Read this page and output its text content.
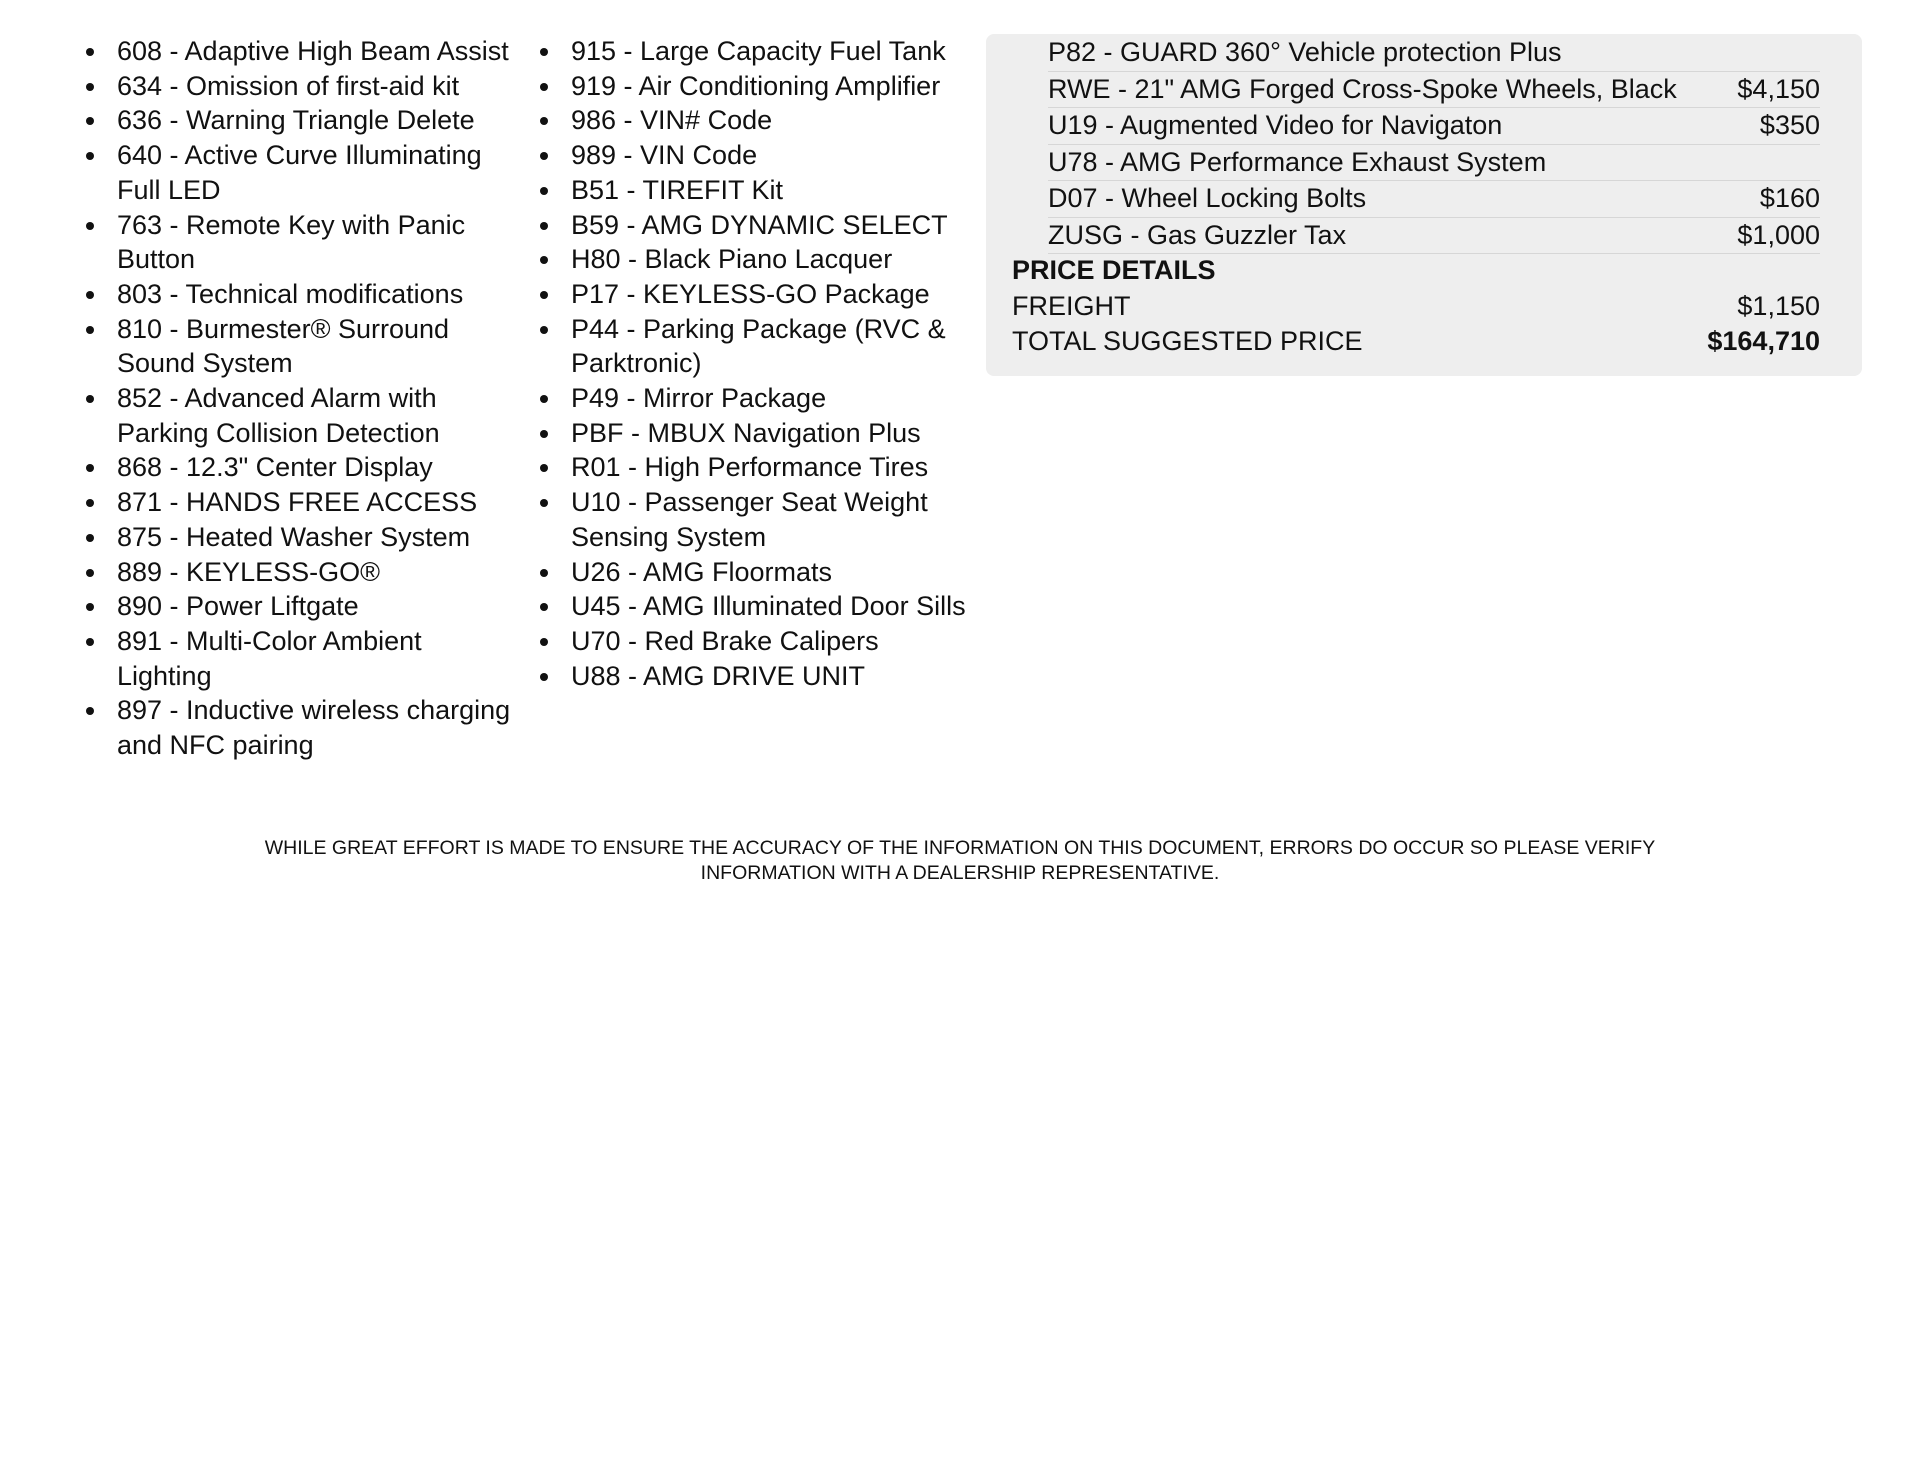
608 - Adaptive High Beam Assist
634 - Omission of first-aid kit
636 - Warning Triangle Delete
640 - Active Curve Illuminating Full LED
763 - Remote Key with Panic Button
803 - Technical modifications
810 - Burmester® Surround Sound System
852 - Advanced Alarm with Parking Collision Detection
868 - 12.3" Center Display
871 - HANDS FREE ACCESS
875 - Heated Washer System
889 - KEYLESS-GO®
890 - Power Liftgate
891 - Multi-Color Ambient Lighting
897 - Inductive wireless charging and NFC pairing
915 - Large Capacity Fuel Tank
919 - Air Conditioning Amplifier
986 - VIN# Code
989 - VIN Code
B51 - TIREFIT Kit
B59 - AMG DYNAMIC SELECT
H80 - Black Piano Lacquer
P17 - KEYLESS-GO Package
P44 - Parking Package (RVC & Parktronic)
P49 - Mirror Package
PBF - MBUX Navigation Plus
R01 - High Performance Tires
U10 - Passenger Seat Weight Sensing System
U26 - AMG Floormats
U45 - AMG Illuminated Door Sills
U70 - Red Brake Calipers
U88 - AMG DRIVE UNIT
P82 - GUARD 360° Vehicle protection Plus
RWE - 21" AMG Forged Cross-Spoke Wheels, Black $4,150
U19 - Augmented Video for Navigaton	$350
U78 - AMG Performance Exhaust System
D07 - Wheel Locking Bolts	$160
ZUSG - Gas Guzzler Tax	$1,000
PRICE DETAILS
FREIGHT	$1,150
TOTAL SUGGESTED PRICE	$164,710
WHILE GREAT EFFORT IS MADE TO ENSURE THE ACCURACY OF THE INFORMATION ON THIS DOCUMENT, ERRORS DO OCCUR SO PLEASE VERIFY
INFORMATION WITH A DEALERSHIP REPRESENTATIVE.
